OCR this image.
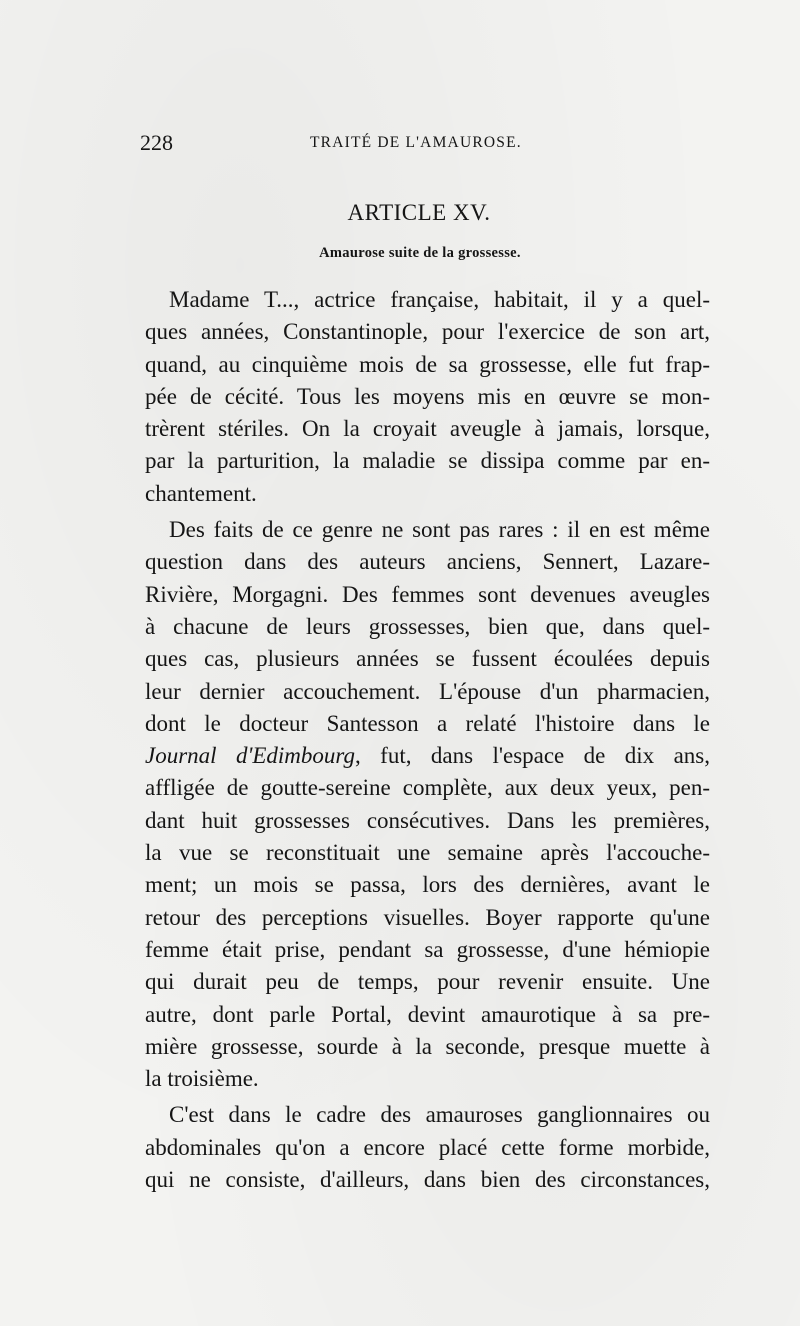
228	TRAITÉ DE L'AMAUROSE.
ARTICLE XV.
Amaurose suite de la grossesse.
Madame T..., actrice française, habitait, il y a quel-
ques années, Constantinople, pour l'exercice de son art,
quand, au cinquième mois de sa grossesse, elle fut frap-
pée de cécité. Tous les moyens mis en œuvre se mon-
trèrent stériles. On la croyait aveugle à jamais, lorsque,
par la parturition, la maladie se dissipa comme par en-
chantement.
Des faits de ce genre ne sont pas rares : il en est même
question dans des auteurs anciens, Sennert, Lazare-
Rivière, Morgagni. Des femmes sont devenues aveugles
à chacune de leurs grossesses, bien que, dans quel-
ques cas, plusieurs années se fussent écoulées depuis
leur dernier accouchement. L'épouse d'un pharmacien,
dont le docteur Santesson a relaté l'histoire dans le
Journal d'Edimbourg, fut, dans l'espace de dix ans,
affligée de goutte-sereine complète, aux deux yeux, pen-
dant huit grossesses consécutives. Dans les premières,
la vue se reconstituait une semaine après l'accouche-
ment; un mois se passa, lors des dernières, avant le
retour des perceptions visuelles. Boyer rapporte qu'une
femme était prise, pendant sa grossesse, d'une hémiopie
qui durait peu de temps, pour revenir ensuite. Une
autre, dont parle Portal, devint amaurotique à sa pre-
mière grossesse, sourde à la seconde, presque muette à
la troisième.
C'est dans le cadre des amauroses ganglionnaires ou
abdominales qu'on a encore placé cette forme morbide,
qui ne consiste, d'ailleurs, dans bien des circonstances,
